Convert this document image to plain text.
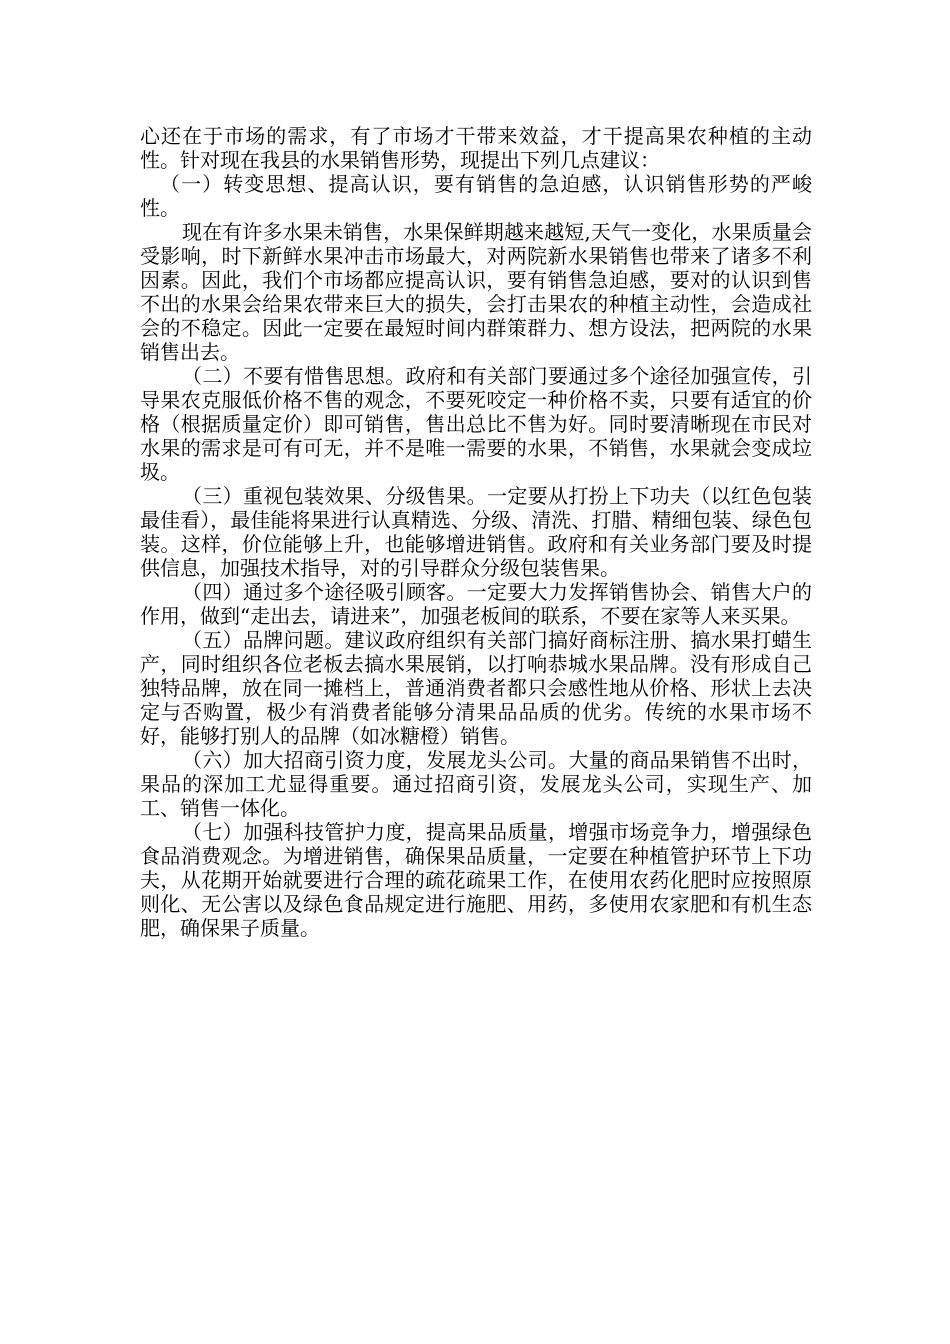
心还在于市场的需求，有了市场才干带来效益，才干提高果农种植的主动性。针对现在我县的水果销售形势，现提出下列几点建议：

（一）转变思想、提高认识，要有销售的急迫感，认识销售形势的严峻性。

现在有许多水果未销售，水果保鲜期越来越短,天气一变化，水果质量会受影响，时下新鲜水果冲击市场最大，对两院新水果销售也带来了诸多不利因素。因此，我们个市场都应提高认识，要有销售急迫感，要对的认识到售不出的水果会给果农带来巨大的损失，会打击果农的种植主动性，会造成社会的不稳定。因此一定要在最短时间内群策群力、想方设法，把两院的水果销售出去。

（二）不要有惜售思想。政府和有关部门要通过多个途径加强宣传，引导果农克服低价格不售的观念，不要死咬定一种价格不卖，只要有适宜的价格（根据质量定价）即可销售，售出总比不售为好。同时要清晰现在市民对水果的需求是可有可无，并不是唯一需要的水果，不销售，水果就会变成垃圾。

（三）重视包装效果、分级售果。一定要从打扮上下功夫（以红色包装最佳看），最佳能将果进行认真精选、分级、清洗、打腊、精细包装、绿色包装。这样，价位能够上升，也能够增进销售。政府和有关业务部门要及时提供信息，加强技术指导，对的引导群众分级包装售果。

（四）通过多个途径吸引顾客。一定要大力发挥销售协会、销售大户的作用，做到“走出去，请进来”，加强老板间的联系，不要在家等人来买果。

（五）品牌问题。建议政府组织有关部门搞好商标注册、搞水果打蜡生产，同时组织各位老板去搞水果展销，以打响恭城水果品牌。没有形成自己独特品牌，放在同一摊档上，普通消费者都只会感性地从价格、形状上去决定与否购置，极少有消费者能够分清果品品质的优劣。传统的水果市场不好，能够打别人的品牌（如冰糖橙）销售。

（六）加大招商引资力度，发展龙头公司。大量的商品果销售不出时，果品的深加工尤显得重要。通过招商引资，发展龙头公司，实现生产、加工、销售一体化。

（七）加强科技管护力度，提高果品质量，增强市场竞争力，增强绿色食品消费观念。为增进销售，确保果品质量，一定要在种植管护环节上下功夫，从花期开始就要进行合理的疏花疏果工作，在使用农药化肥时应按照原则化、无公害以及绿色食品规定进行施肥、用药，多使用农家肥和有机生态肥，确保果子质量。
